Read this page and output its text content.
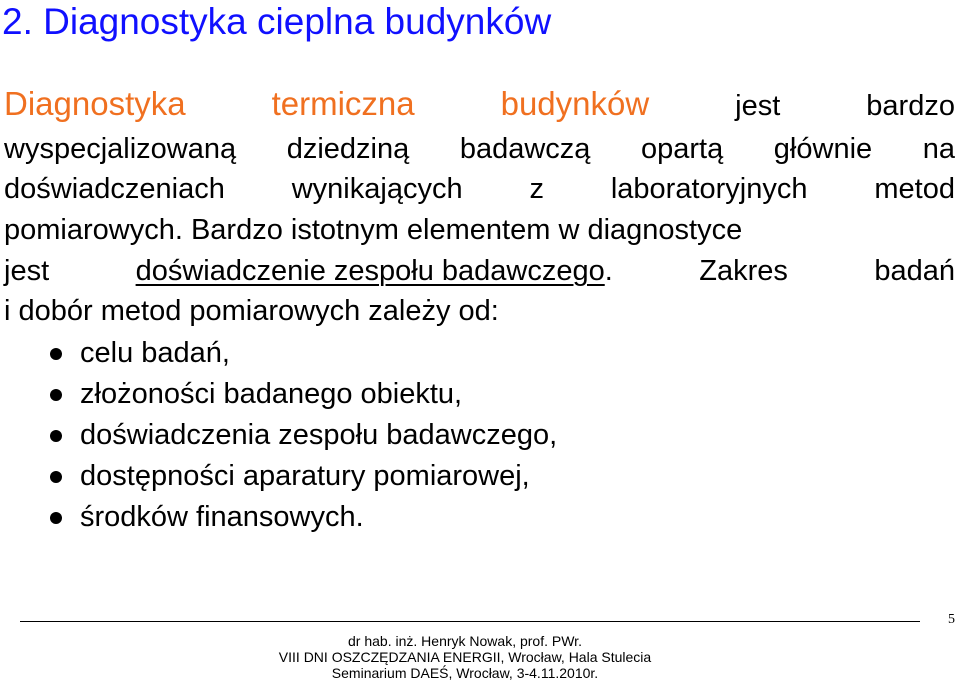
2. Diagnostyka cieplna budynków
Diagnostyka	termiczna	budynków	jest	bardzo
wyspecjalizowaną dziedziną badawczą opartą głównie na
doświadczeniach wynikających z laboratoryjnych metod
pomiarowych. Bardzo istotnym elementem w diagnostyce
jest	doświadczenie zespołu badawczego.	Zakres	badań
i dobór metod pomiarowych zależy od:
celu badań,
złożoności badanego obiektu,
doświadczenia zespołu badawczego,
dostępności aparatury pomiarowej,
środków finansowych.
5
dr hab. inż. Henryk Nowak, prof. PWr.
VIII DNI OSZCZĘDZANIA ENERGII, Wrocław, Hala Stulecia
Seminarium DAEŚ, Wrocław, 3-4.11.2010r.
